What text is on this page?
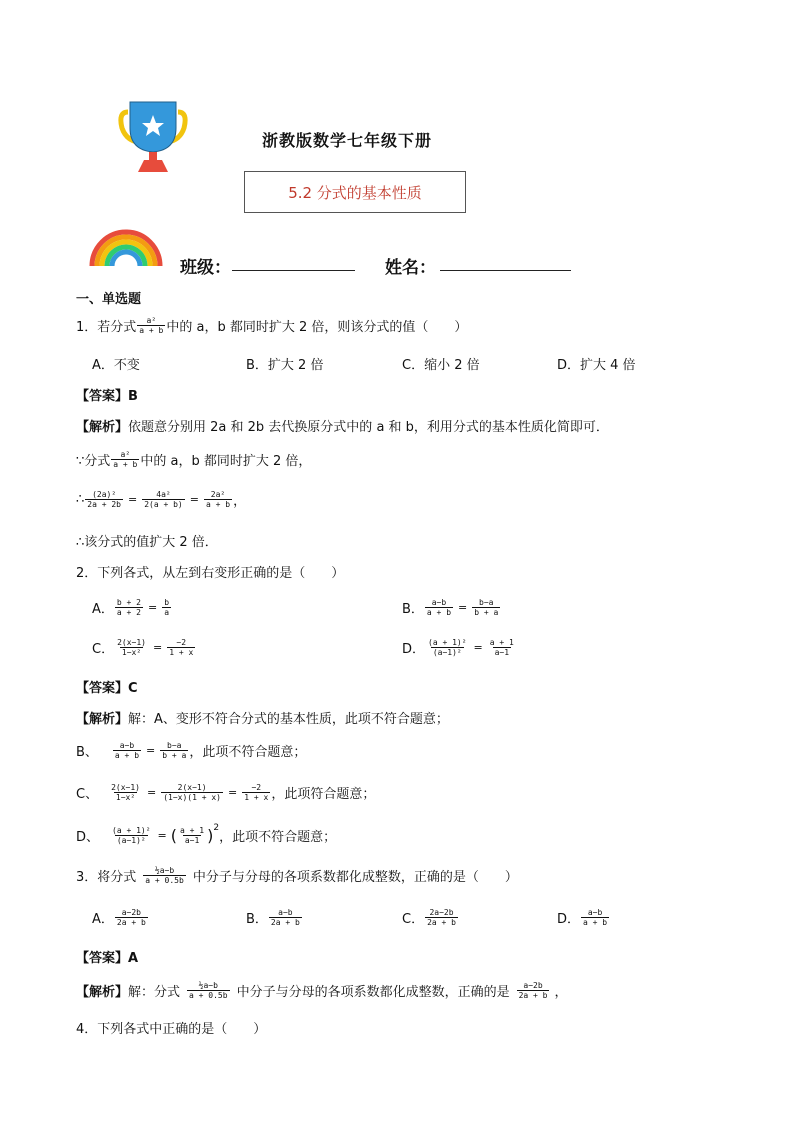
浙教版数学七年级下册
5.2 分式的基本性质
班级：	姓名：
一、单选题
1．若分式 $\frac{\text{a²}}{a + b}$ 中的 a，b 都同时扩大 2 倍，则该分式的值（　　）
A．不变	B．扩大 2 倍	C．缩小 2 倍	D．扩大 4 倍
【答案】B
【解析】 依题意分别用 2a 和 2b 去代换原分式中的 a 和 b，利用分式的基本性质化简即可．
∵分式 $\frac{\text{a²}}{a + b}$ 中的 a，b 都同时扩大 2 倍，
∴ $\frac{\text{(2a)²}}{2a + 2b} = \frac{\text{4a²}}{2(a + b)} = \frac{\text{2a²}}{a + b}$ ，
∴该分式的值扩大 2 倍．
2．下列各式，从左到右变形正确的是（　　）
A． $\frac{b + 2}{a + 2} = \frac{b}{a}$	B． $\frac{a-b}{a + b} = \frac{b-a}{b + a}$
C． $\frac{2(x-1)}{\text{1−x²}} = \frac{-2}{1 + x}$	D． $\frac{\text{(a + 1)²}}{\text{(a−1)²}} = \frac{a + 1}{a-1}$
【答案】C
【解析】 解：A、变形不符合分式的基本性质，此项不符合题意；
B、 $\frac{a-b}{a + b} = \frac{b-a}{b + a}$ ，此项不符合题意；
C、 $\frac{2(x-1)}{\text{1−x²}} = \frac{2(x-1)}{(1-x)(1 + x)} = \frac{-2}{1 + x}$ ，此项符合题意；
D、 $\frac{\text{(a + 1)²}}{\text{(a−1)²}}$ = ( $\frac{a + 1}{a-1} )^2$
，此项不符合题意；
3．将分式 $\frac{\text{½a−b}}{a + 0.5b}$ 中分子与分母的各项系数都化成整数，正确的是（　　）
A． $\frac{a-2b}{2a + b}$	B． $\frac{a-b}{2a + b}$	C． $\frac{2a-2b}{2a + b}$	D． $\frac{a-b}{a + b}$
【答案】A
【解析】 解：分式 $\frac{\text{½a−b}}{a + 0.5b}$ 中分子与分母的各项系数都化成整数，正确的是 $\frac{a-2b}{2a + b}$ ，
4．下列各式中正确的是（　　）
